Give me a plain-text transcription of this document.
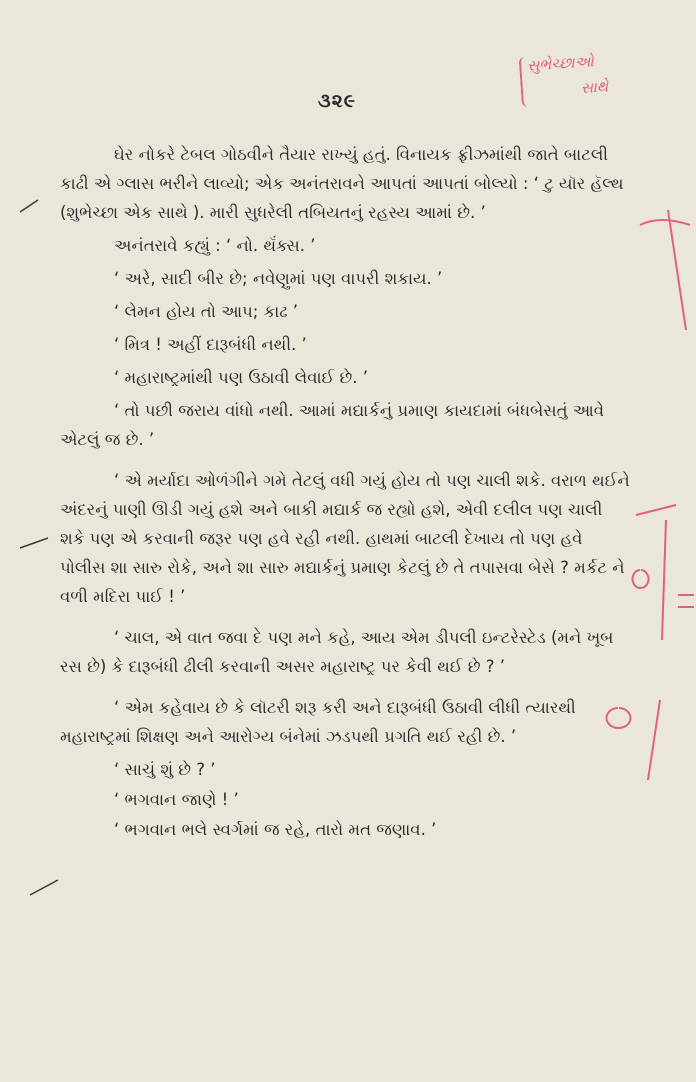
૩૨૯
સુભેચ્છાઓ
સાથે

ઘેર નોકરે ટેબલ ગોઠવીને તૈયાર રાખ્યું હતું. વિનાયક ફ્રીઝમાંથી જાતે બાટલી કાઢી એ ગ્લાસ ભરીને લાવ્યો; એક અનંતરાવને આપતાં આપતાં બોલ્યો : ‘ ટુ યૉર હૅલ્થ (શુભેચ્છા એક સાથે ). મારી સુધરેલી તબિયતનું રહસ્ય આમાં છે. ’

અનંતરાવે કહ્યું : ‘ નો. થૅંક્સ. ’

‘ અરે, સાદી બીર છે; નવેણુમાં પણ વાપરી શકાય. ’

‘ લેમન હોય તો આપ; કાઢ ’

‘ મિત્ર ! અહીં દારૂબંધી નથી. ’

‘ મહારાષ્ટ્રમાંથી પણ ઉઠાવી લેવાઈ છે. ’

‘ તો પછી જરાય વાંધો નથી. આમાં મદ્યાર્કનું પ્રમાણ કાયદામાં બંધબેસતું આવે એટલું જ છે. ’

‘ એ મર્યાદા ઓળંગીને ગમે તેટલું વધી ગયું હોય તો પણ ચાલી શકે. વરાળ થઈને અંદરનું પાણી ઊડી ગયું હશે અને બાકી મદ્યાર્ક જ રહ્યો હશે, એવી દલીલ પણ ચાલી શકે પણ એ કરવાની જરૂર પણ હવે રહી નથી. હાથમાં બાટલી દેખાય તો પણ હવે પોલીસ શા સારુ રોકે, અને શા સારુ મદ્યાર્કનું પ્રમાણ કેટલું છે તે તપાસવા બેસે ? મર્કટ ને વળી મદિરા પાઈ ! ’

‘ ચાલ, એ વાત જવા દે પણ મને કહે, આય એમ ડીપલી ઇન્ટરેસ્ટેડ (મને ખૂબ રસ છે) કે દારૂબંધી ઢીલી કરવાની અસર મહારાષ્ટ્ર પર કેવી થઈ છે ? ’

‘ એમ કહેવાય છે કે લૉટરી શરૂ કરી અને દારૂબંધી ઉઠાવી લીધી ત્યારથી મહારાષ્ટ્રમાં શિક્ષણ અને આરોગ્ય બંનેમાં ઝડપથી પ્રગતિ થઈ રહી છે. ’

‘ સાચું શું છે ? ’

‘ ભગવાન જાણે ! ’

‘ ભગવાન ભલે સ્વર્ગમાં જ રહે, તારો મત જણાવ. ’
